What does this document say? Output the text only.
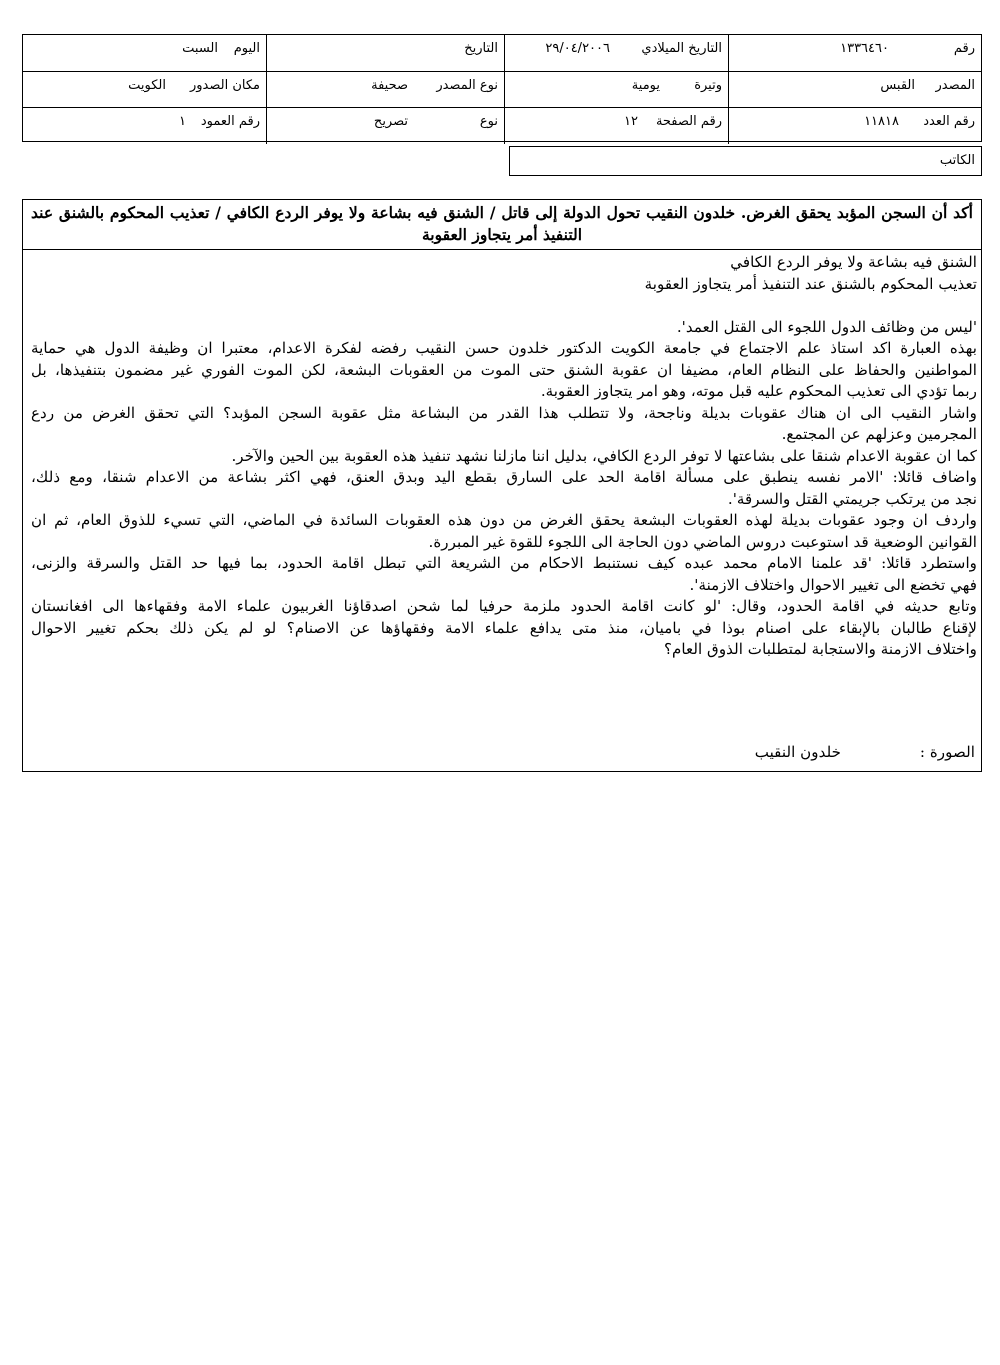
رقم
١٣٣٦٤٦٠
التاريخ الميلادي
٢٩/٠٤/٢٠٠٦
التاريخ
اليوم
السبت
المصدر
القبس
وتيرة
يومية
نوع المصدر
صحيفة
مكان الصدور
الكويت
رقم العدد
١١٨١٨
رقم الصفحة
١٢
نوع
تصريح
رقم العمود
١
الكاتب
أكد أن السجن المؤبد يحقق الغرض. خلدون النقيب تحول الدولة إلى قاتل / الشنق فيه بشاعة ولا يوفر الردع الكافي / تعذيب المحكوم بالشنق عند التنفيذ أمر يتجاوز العقوبة
الشنق فيه بشاعة ولا يوفر الردع الكافي
تعذيب المحكوم بالشنق عند التنفيذ أمر يتجاوز العقوبة
'ليس من وظائف الدول اللجوء الى القتل العمد'.
بهذه العبارة اكد استاذ علم الاجتماع في جامعة الكويت الدكتور خلدون حسن النقيب رفضه لفكرة الاعدام، معتبرا ان وظيفة الدول هي حماية
المواطنين والحفاظ على النظام العام، مضيفا ان عقوبة الشنق حتى الموت من العقوبات البشعة، لكن الموت الفوري غير مضمون بتنفيذها، بل
ربما تؤدي الى تعذيب المحكوم عليه قبل موته، وهو امر يتجاوز العقوبة.
واشار النقيب الى ان هناك عقوبات بديلة وناجحة، ولا تتطلب هذا القدر من البشاعة مثل عقوبة السجن المؤبد؟ التي تحقق الغرض من ردع
المجرمين وعزلهم عن المجتمع.
كما ان عقوبة الاعدام شنقا على بشاعتها لا توفر الردع الكافي، بدليل اننا مازلنا نشهد تنفيذ هذه العقوبة بين الحين والآخر.
واضاف قائلا: 'الامر نفسه ينطبق على مسألة اقامة الحد على السارق بقطع اليد وبدق العنق، فهي اكثر بشاعة من الاعدام شنقا، ومع ذلك،
نجد من يرتكب جريمتي القتل والسرقة'.
واردف ان وجود عقوبات بديلة لهذه العقوبات البشعة يحقق الغرض من دون هذه العقوبات السائدة في الماضي، التي تسيء للذوق العام، ثم ان
القوانين الوضعية قد استوعبت دروس الماضي دون الحاجة الى اللجوء للقوة غير المبررة.
واستطرد قائلا: 'قد علمنا الامام محمد عبده كيف نستنبط الاحكام من الشريعة التي تبطل اقامة الحدود، بما فيها حد القتل والسرقة والزنى،
فهي تخضع الى تغيير الاحوال واختلاف الازمنة'.
وتابع حديثه في اقامة الحدود، وقال: 'لو كانت اقامة الحدود ملزمة حرفيا لما شحن اصدقاؤنا الغربيون علماء الامة وفقهاءها الى افغانستان
لإقناع طالبان بالإبقاء على اصنام بوذا في باميان، منذ متى يدافع علماء الامة وفقهاؤها عن الاصنام؟ لو لم يكن ذلك بحكم تغيير الاحوال
واختلاف الازمنة والاستجابة لمتطلبات الذوق العام؟
الصورة :
خلدون النقيب
